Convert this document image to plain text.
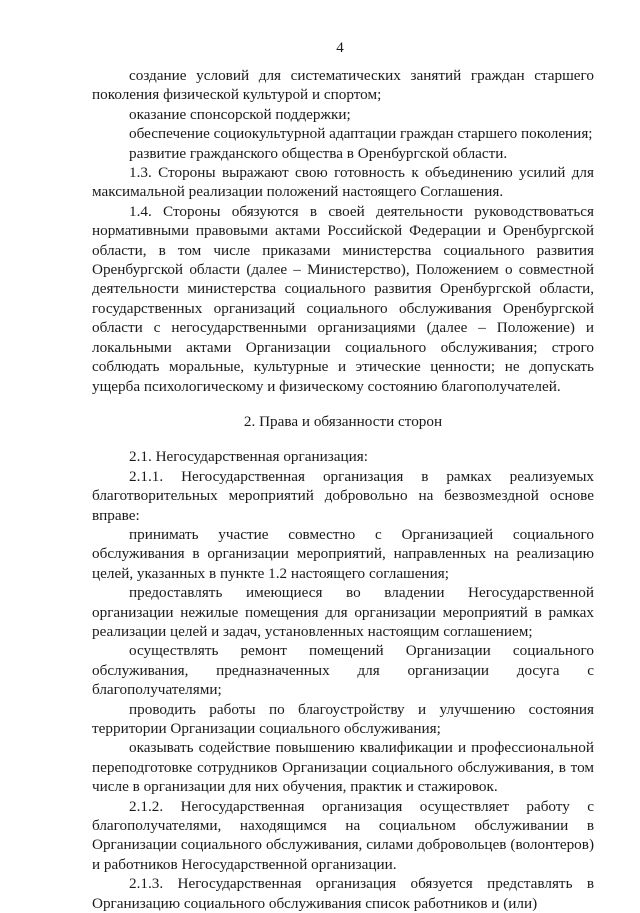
4

создание условий для систематических занятий граждан старшего поколения физической культурой и спортом;

оказание спонсорской поддержки;

обеспечение социокультурной адаптации граждан старшего поколения;

развитие гражданского общества в Оренбургской области.

1.3. Стороны выражают свою готовность к объединению усилий для максимальной реализации положений настоящего Соглашения.

1.4. Стороны обязуются в своей деятельности руководствоваться нормативными правовыми актами Российской Федерации и Оренбургской области, в том числе приказами министерства социального развития Оренбургской области (далее – Министерство), Положением о совместной деятельности министерства социального развития Оренбургской области, государственных организаций социального обслуживания Оренбургской области с негосударственными организациями (далее – Положение) и локальными актами Организации социального обслуживания; строго соблюдать моральные, культурные и этические ценности; не допускать ущерба психологическому и физическому состоянию благополучателей.

2. Права и обязанности сторон

2.1. Негосударственная организация:

2.1.1. Негосударственная организация в рамках реализуемых благотворительных мероприятий добровольно на безвозмездной основе вправе:

принимать участие совместно с Организацией социального обслуживания в организации мероприятий, направленных на реализацию целей, указанных в пункте 1.2 настоящего соглашения;

предоставлять имеющиеся во владении Негосударственной организации нежилые помещения для организации мероприятий в рамках реализации целей и задач, установленных настоящим соглашением;

осуществлять ремонт помещений Организации социального обслуживания, предназначенных для организации досуга с благополучателями;

проводить работы по благоустройству и улучшению состояния территории Организации социального обслуживания;

оказывать содействие повышению квалификации и профессиональной переподготовке сотрудников Организации социального обслуживания, в том числе в организации для них обучения, практик и стажировок.

2.1.2. Негосударственная организация осуществляет работу с благополучателями, находящимся на социальном обслуживании в Организации социального обслуживания, силами добровольцев (волонтеров) и работников Негосударственной организации.

2.1.3. Негосударственная организация обязуется представлять в Организацию социального обслуживания список работников и (или)
